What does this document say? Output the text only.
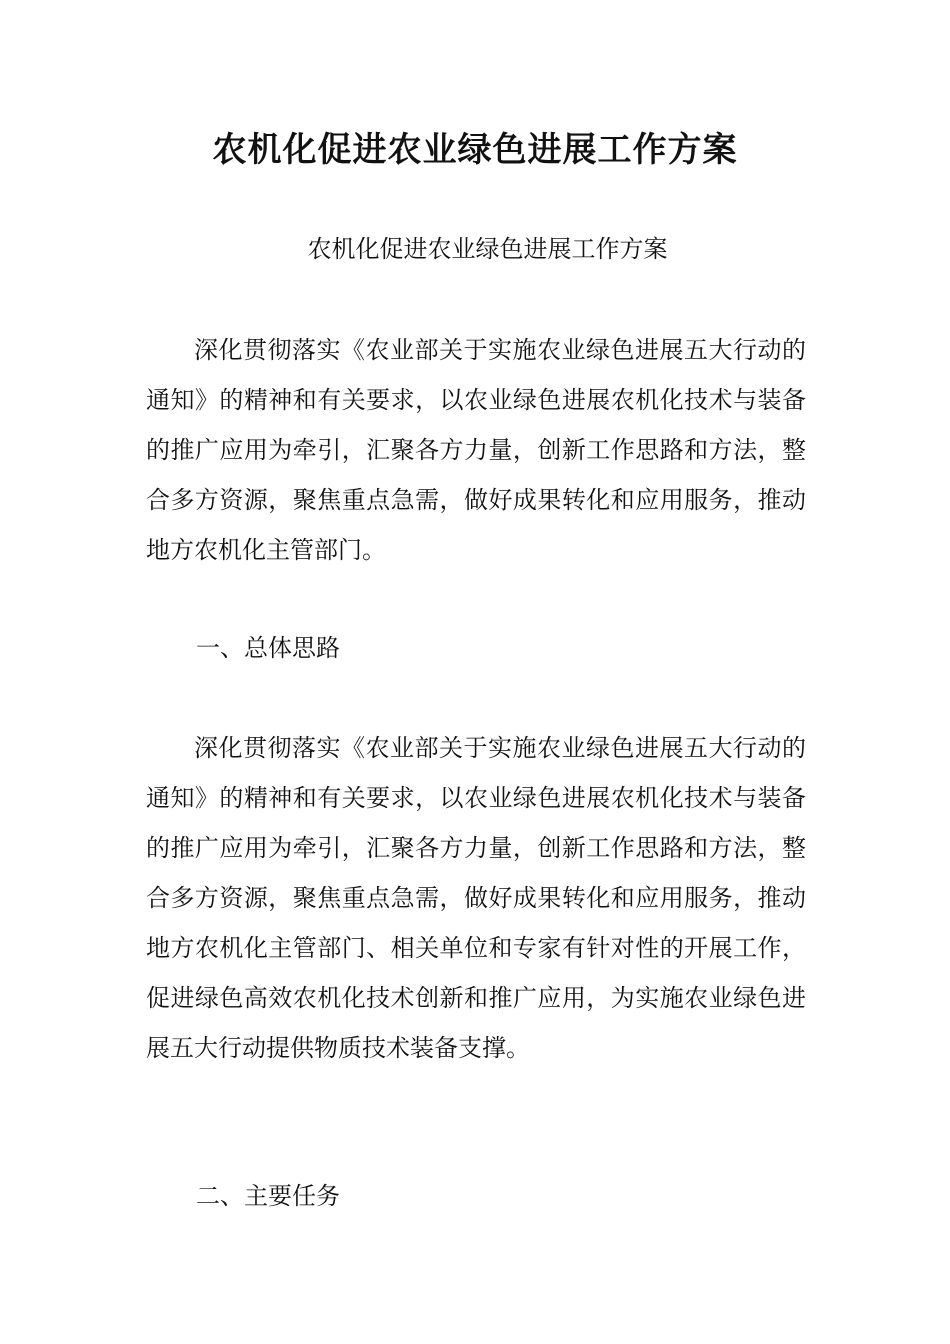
农机化促进农业绿色进展工作方案

农机化促进农业绿色进展工作方案

深化贯彻落实《农业部关于实施农业绿色进展五大行动的通知》的精神和有关要求，以农业绿色进展农机化技术与装备的推广应用为牵引，汇聚各方力量，创新工作思路和方法，整合多方资源，聚焦重点急需，做好成果转化和应用服务，推动地方农机化主管部门。

一、总体思路

深化贯彻落实《农业部关于实施农业绿色进展五大行动的通知》的精神和有关要求，以农业绿色进展农机化技术与装备的推广应用为牵引，汇聚各方力量，创新工作思路和方法，整合多方资源，聚焦重点急需，做好成果转化和应用服务，推动地方农机化主管部门、相关单位和专家有针对性的开展工作，促进绿色高效农机化技术创新和推广应用，为实施农业绿色进展五大行动提供物质技术装备支撑。

二、主要任务
